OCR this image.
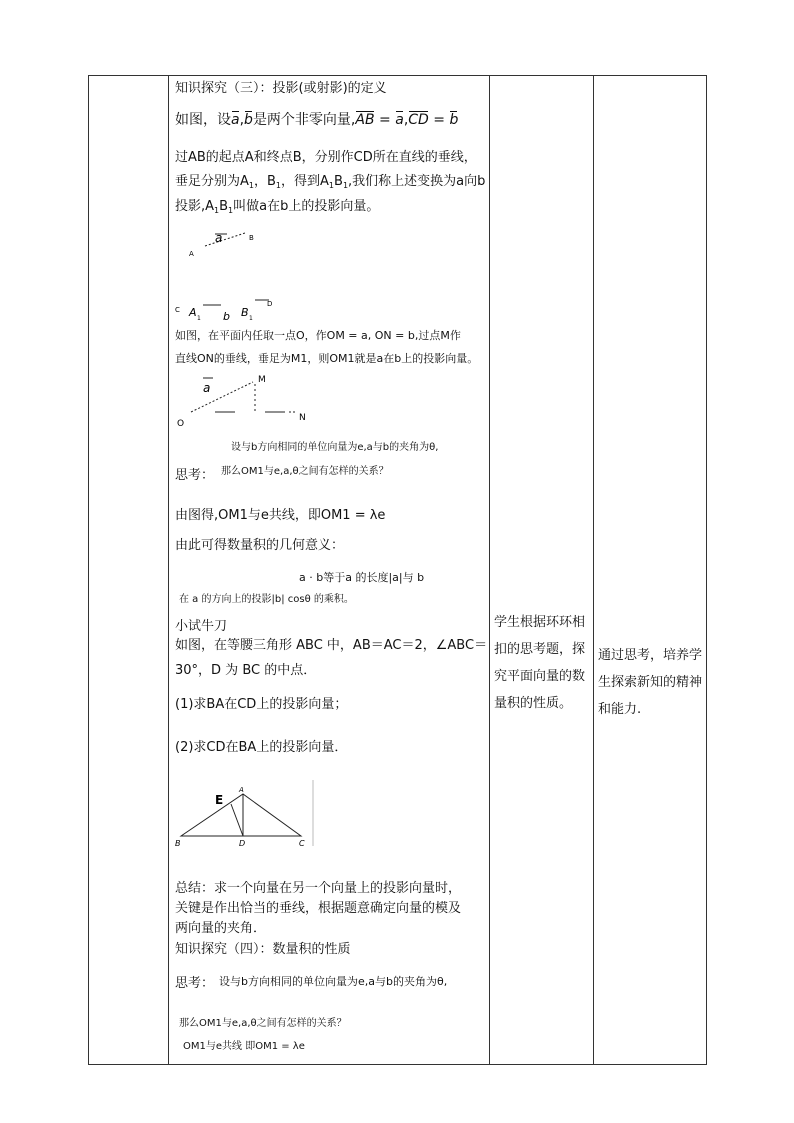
知识探究（三）：投影(或射影)的定义
如图，设a,b是两个非零向量,AB = a,CD = b
过AB的起点A和终点B，分别作CD所在直线的垂线，
垂足分别为$A_1$，$B_1$，得到$A_1B_1$,我们称上述变换为a向b
投影$,A_1B_1$叫做a在b上的投影向量。
a
A
B
C A 1 b B 1
D
如图，在平面内任取一点O，作OM = a, ON = b,过点M作
直线ON的垂线，垂足为M1，则OM1就是a在b上的投影向量。
a
M
O
N
设与b方向相同的单位向量为e,a与b的夹角为θ,
思考： 那么OM1与e,a,θ之间有怎样的关系？
由图得,OM1与e共线，即OM1 = λe
由此可得数量积的几何意义：
a · b等于a 的长度|a|与 b
在 a 的方向上的投影|b| cosθ 的乘积。
小试牛刀
如图，在等腰三角形 ABC 中，AB＝AC＝2，∠ABC＝
30°，D 为 BC 的中点．
(1)求BA在CD上的投影向量；
(2)求CD在BA上的投影向量．
E
A
B	D	C
总结：求一个向量在另一个向量上的投影向量时，
关键是作出恰当的垂线，根据题意确定向量的模及
两向量的夹角．
知识探究（四）：数量积的性质
思考： 设与b方向相同的单位向量为e,a与b的夹角为θ,
那么OM1与e,a,θ之间有怎样的关系？
OM1与e共线 即OM1 = λe
学生根据环环相扣的思考题，探究平面向量的数量积的性质。
通过思考，培养学生探索新知的精神和能力.
